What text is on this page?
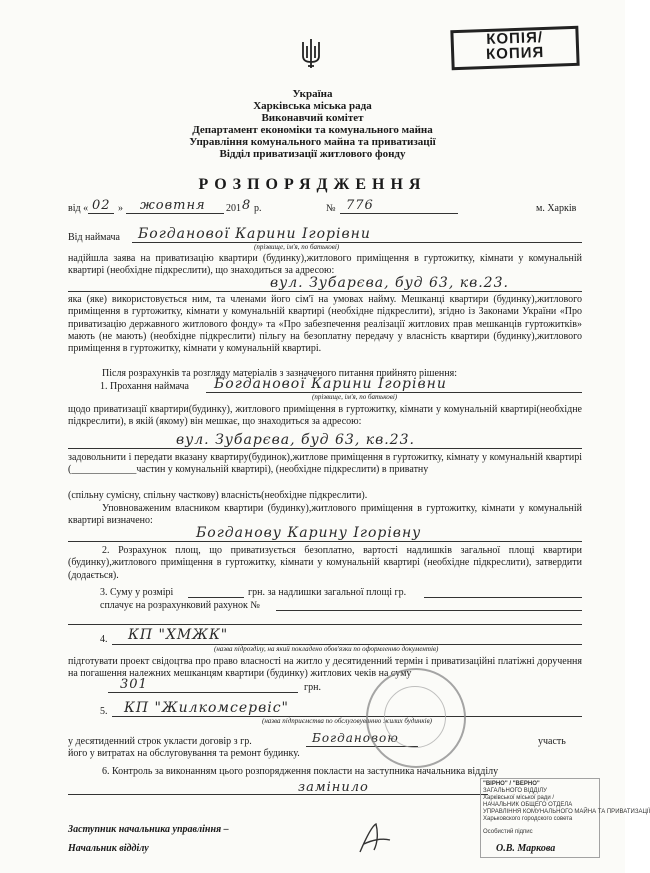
КОПІЯ/
КОПИЯ
Україна
Харківська міська рада
Виконавчий комітет
Департамент економіки та комунального майна
Управління комунального майна та приватизації
Відділ приватизації житлового фонду
РОЗПОРЯДЖЕННЯ
від « 02 » жовтня 201 8 р.	№ 776	м. Харків
Від наймача Богданової Карини Ігорівни
(прізвище, ім'я, по батькові)
надійшла заява на приватизацію квартири (будинку),житлового приміщення в гуртожитку, кімнати у комунальній квартирі (необхідне підкреслити), що знаходиться за адресою:
вул. Зубарєва, буд 63, кв.23.
яка (яке) використовується ним, та членами його сім'ї на умовах найму. Мешканці квартири (будинку),житлового приміщення в гуртожитку, кімнати у комунальній квартирі (необхідне підкреслити), згідно із Законами України «Про приватизацію державного житлового фонду» та «Про забезпечення реалізації житлових прав мешканців гуртожитків» мають (не мають) (необхідне підкреслити) пільгу на безоплатну передачу у власність квартири (будинку),житлового приміщення в гуртожитку, кімнати у комунальній квартирі.
Після розрахунків та розгляду матеріалів з зазначеного питання прийнято рішення:
1. Прохання наймача Богданової Карини Ігорівни
(прізвище, ім'я, по батькові)
щодо приватизації квартири(будинку), житлового приміщення в гуртожитку, кімнати у комунальній квартирі(необхідне підкреслити), в якій (якому) він мешкає, що знаходиться за адресою:
вул. Зубарєва, буд 63, кв.23.
задовольнити і передати вказану квартиру(будинок),житлове приміщення в гуртожитку, кімнату у комунальній квартирі (_____________частин у комунальній квартирі), (необхідне підкреслити) в приватну
(спільну сумісну, спільну часткову) власність(необхідне підкреслити).
Уповноваженим власником квартири (будинку),житлового приміщення в гуртожитку, кімнати у комунальній квартирі визначено:
Богданову Карину Ігорівну
2. Розрахунок площ, що приватизується безоплатно, вартості надлишків загальної площі квартири (будинку),житлового приміщення в гуртожитку, кімнати у комунальній квартирі (необхідне підкреслити), затвердити (додається).
3. Суму у розмірі	грн. за надлишки загальної площі гр.
сплачує на розрахунковий рахунок №
4. КП "ХМЖК"
(назва підрозділу, на який покладено обов'язки по оформленню документів)
підготувати проект свідоцтва про право власності на житло у десятиденний термін і приватизаційні платіжні доручення на погашення належних мешканцям квартири (будинку) житлових чеків на суму
301	грн.
5. КП "Жилкомсервіс"
(назва підприємства по обслуговуванню жилих будинків)
у десятиденний строк укласти договір з гр.	Богдановою	участь його у витратах на обслуговування та ремонт будинку.
6. Контроль за виконанням цього розпорядження покласти на заступника начальника відділу
замінило	"ВІРНО" / "ВЕРНО"
ЗАГАЛЬНОГО ВІДДІЛУ
Харківської міської ради /
НАЧАЛЬНИК ОБЩЕГО ОТДЕЛА
УПРАВЛІННЯ КОМУНАЛЬНОГО МАЙНА ТА ПРИВАТИЗАЦІЇ
Харьковского городского совета
Особистий підпис
Заступник начальника управління –
Начальник відділу	О.В. Маркова
